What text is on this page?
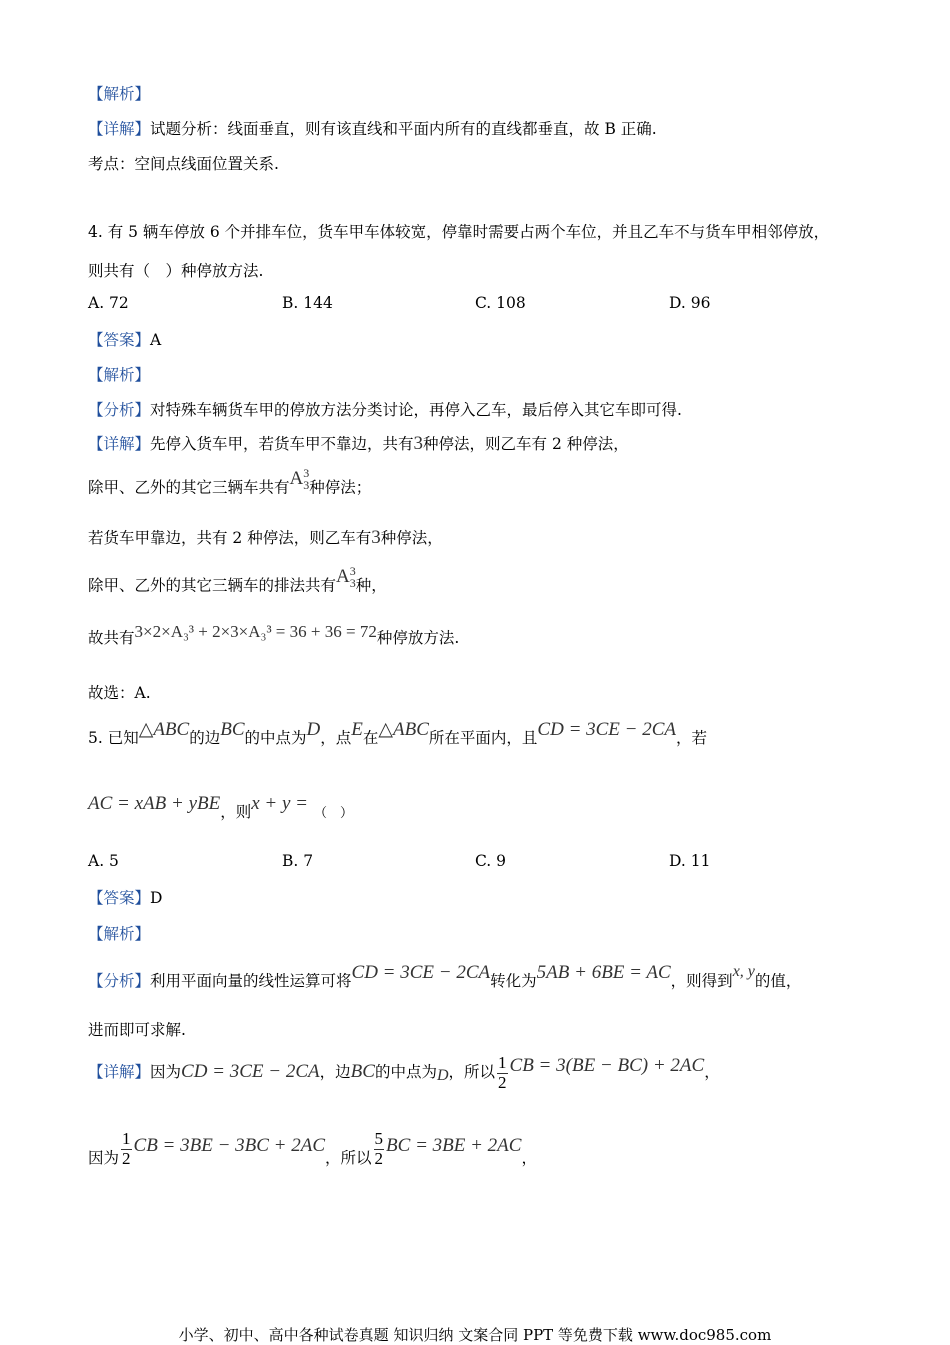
【解析】
【详解】试题分析：线面垂直，则有该直线和平面内所有的直线都垂直，故 B 正确.
考点：空间点线面位置关系.
4. 有 5 辆车停放 6 个并排车位，货车甲车体较宽，停靠时需要占两个车位，并且乙车不与货车甲相邻停放，
则共有（　）种停放方法.
A. 72	B. 144	C. 108	D. 96
【答案】A
【解析】
【分析】对特殊车辆货车甲的停放方法分类讨论，再停入乙车，最后停入其它车即可得.
【详解】先停入货车甲，若货车甲不靠边，共有3种停法，则乙车有 2 种停法，
除甲、乙外的其它三辆车共有$A_3^3$种停法；
若货车甲靠边，共有 2 种停法，则乙车有3种停法，
除甲、乙外的其它三辆车的排法共有$A_3^3$种，
故共有3×2×A₃³ + 2×3×A₃³ = 36 + 36 = 72种停放方法.
故选：A.
5. 已知△ABC的边BC的中点为D，点E在△ABC所在平面内，且CD = 3CE − 2CA，若
AC = xAB + yBE，则x + y = （　）
A. 5	B. 7	C. 9	D. 11
【答案】D
【解析】
【分析】利用平面向量的线性运算可将CD = 3CE − 2CA转化为5AB + 6BE = AC，则得到x, y的值，
进而即可求解.
【详解】因为CD = 3CE − 2CA，边BC的中点为D，所以 $\frac{1}{2}$ CB = 3(BE − BC) + 2AC，
因为 $\frac{1}{2}$ CB = 3BE − 3BC + 2AC，所以 $\frac{5}{2}$ BC = 3BE + 2AC，
小学、初中、高中各种试卷真题 知识归纳 文案合同 PPT 等免费下载 www.doc985.com
